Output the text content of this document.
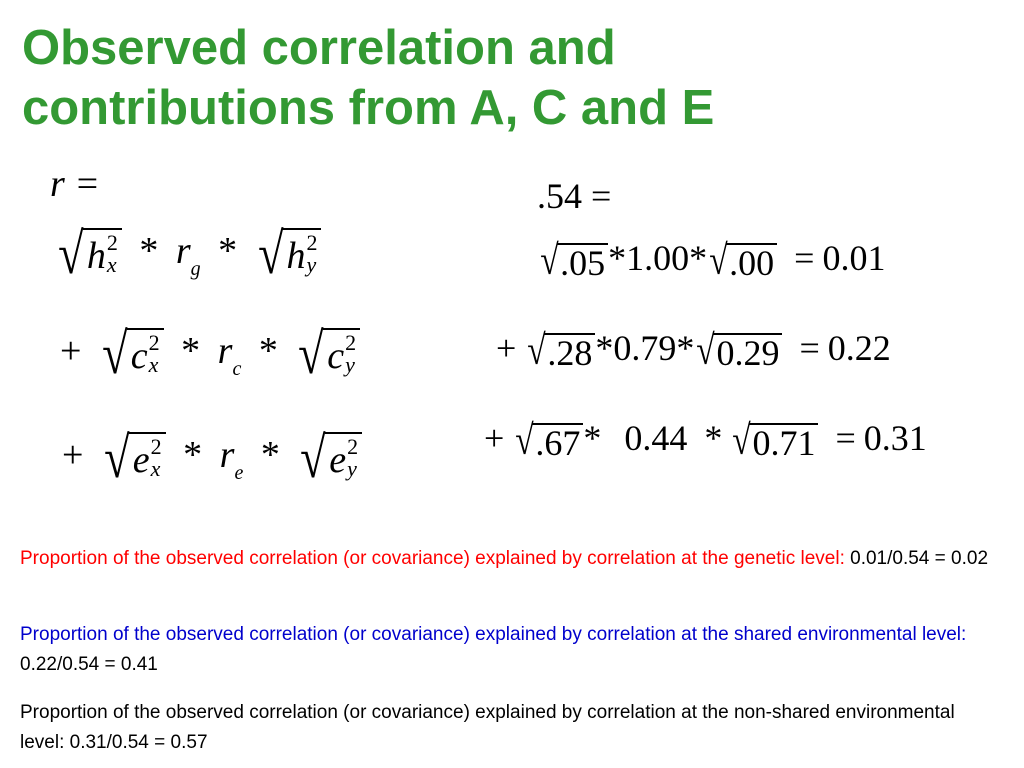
Observed correlation and
contributions from A, C and E
r =
√ h 2
x * $r_g$ * √ h 2
y
+ √ c 2
x * $r_c$ * √ c 2
y
+ √ e 2
x * $r_e$ * √ e 2
y
.54 =
√ .05 *1.00* √ .00 = 0.01
+ √ .28 *0.79* √ 0.29 = 0.22
+ √ .67 * 0.44 * √ 0.71 = 0.31

Proportion of the observed correlation (or covariance) explained by correlation at the genetic level: 0.01/0.54 = 0.02

Proportion of the observed correlation (or covariance) explained by correlation at the shared environmental level: 0.22/0.54 = 0.41

Proportion of the observed correlation (or covariance) explained by correlation at the non-shared environmental level: 0.31/0.54 = 0.57
